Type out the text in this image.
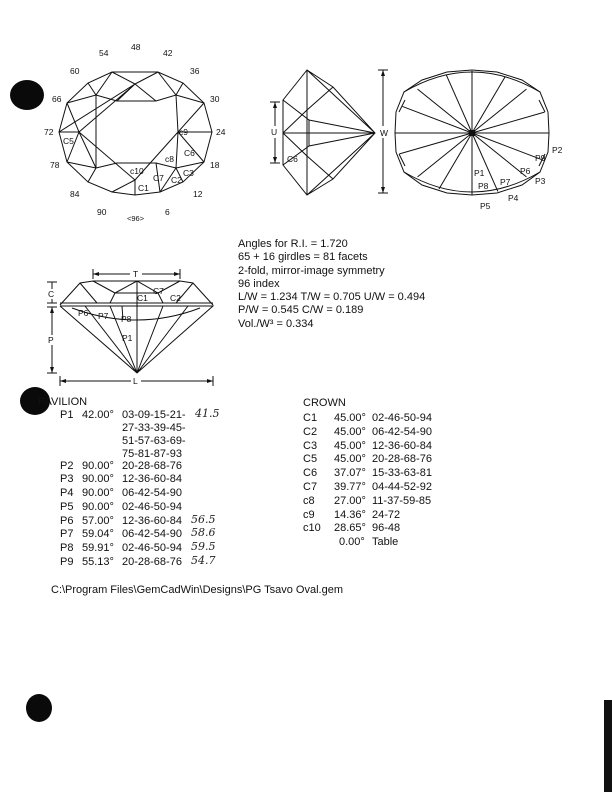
48
54	42
60	36
66	30
72	24
78	18
84	12
90	6
<96>
C5
c9
C6
c8
c10
C7 C2
C3
C1
U	W
C6
P2
P9
P6
P3
P7
P4
P8
P1
P5
T
C
P
L
C7
C1	C2
P6 P7 P8
P1
Angles for R.I. = 1.720
65 + 16 girdles = 81 facets
2-fold, mirror-image symmetry
96 index
L/W = 1.234 T/W = 0.705 U/W = 0.494
P/W = 0.545 C/W = 0.189
Vol./W³ = 0.334
PAVILION
P1 42.00° 03-09-15-21-
27-33-39-45-
51-57-63-69-
75-81-87-93
41.5
P2 90.00° 20-28-68-76
P3 90.00° 12-36-60-84
P4 90.00° 06-42-54-90
P5 90.00° 02-46-50-94
P6 57.00° 12-36-60-84 56.5
P7 59.04° 06-42-54-90 58.6
P8 59.91° 02-46-50-94 59.5
P9 55.13° 20-28-68-76 54.7
CROWN
C1 45.00° 02-46-50-94
C2 45.00° 06-42-54-90
C3 45.00° 12-36-60-84
C5 45.00° 20-28-68-76
C6 37.07° 15-33-63-81
C7 39.77° 04-44-52-92
c8 27.00° 11-37-59-85
c9 14.36° 24-72
c10 28.65° 96-48
0.00° Table
C:\Program Files\GemCadWin\Designs\PG Tsavo Oval.gem
